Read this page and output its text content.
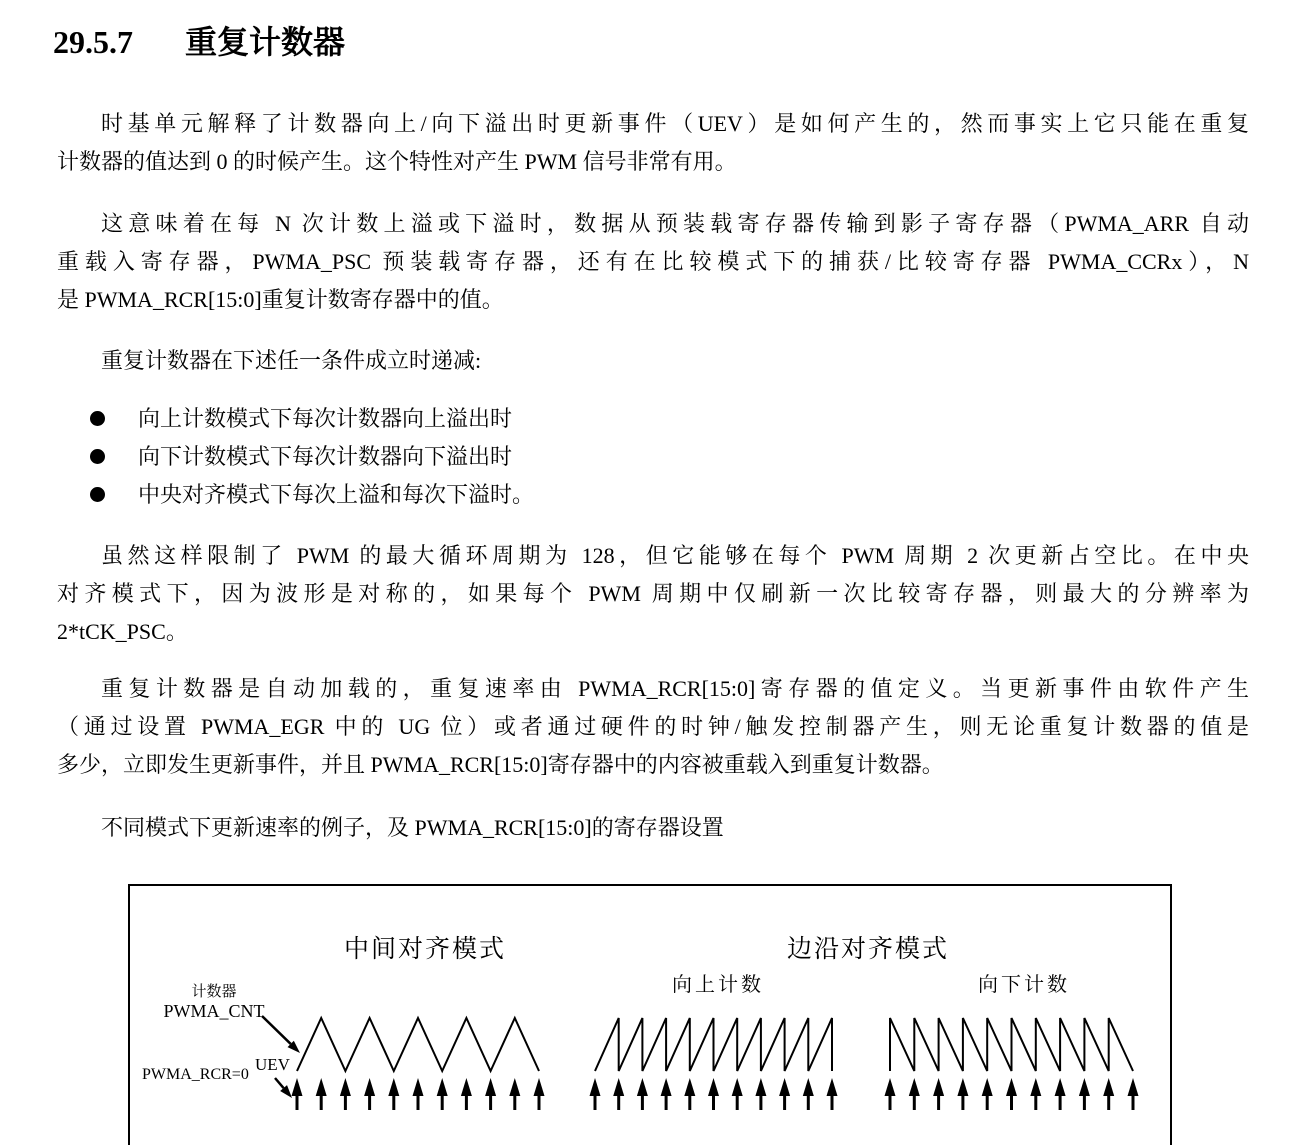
29.5.7 重复计数器
时基单元解释了计数器向上/向下溢出时更新事件（UEV）是如何产生的，然而事实上它只能在重复
计数器的值达到 0 的时候产生。这个特性对产生 PWM 信号非常有用。
这意味着在每 N 次计数上溢或下溢时，数据从预装载寄存器传输到影子寄存器（PWMA_ARR 自动
重载入寄存器，PWMA_PSC 预装载寄存器，还有在比较模式下的捕获/比较寄存器 PWMA_CCRx），N
是 PWMA_RCR[15:0]重复计数寄存器中的值。
重复计数器在下述任一条件成立时递减:
向上计数模式下每次计数器向上溢出时
向下计数模式下每次计数器向下溢出时
中央对齐模式下每次上溢和每次下溢时。
虽然这样限制了 PWM 的最大循环周期为 128，但它能够在每个 PWM 周期 2 次更新占空比。在中央
对齐模式下，因为波形是对称的，如果每个 PWM 周期中仅刷新一次比较寄存器，则最大的分辨率为
2*tCK_PSC。
重复计数器是自动加载的，重复速率由 PWMA_RCR[15:0]寄存器的值定义。当更新事件由软件产生
（通过设置 PWMA_EGR 中的 UG 位）或者通过硬件的时钟/触发控制器产生，则无论重复计数器的值是
多少，立即发生更新事件，并且 PWMA_RCR[15:0]寄存器中的内容被重载入到重复计数器。
不同模式下更新速率的例子，及 PWMA_RCR[15:0]的寄存器设置
中间对齐模式	边沿对齐模式
向上计数	向下计数
计数器
PWMA_CNT
UEV
PWMA_RCR=0
